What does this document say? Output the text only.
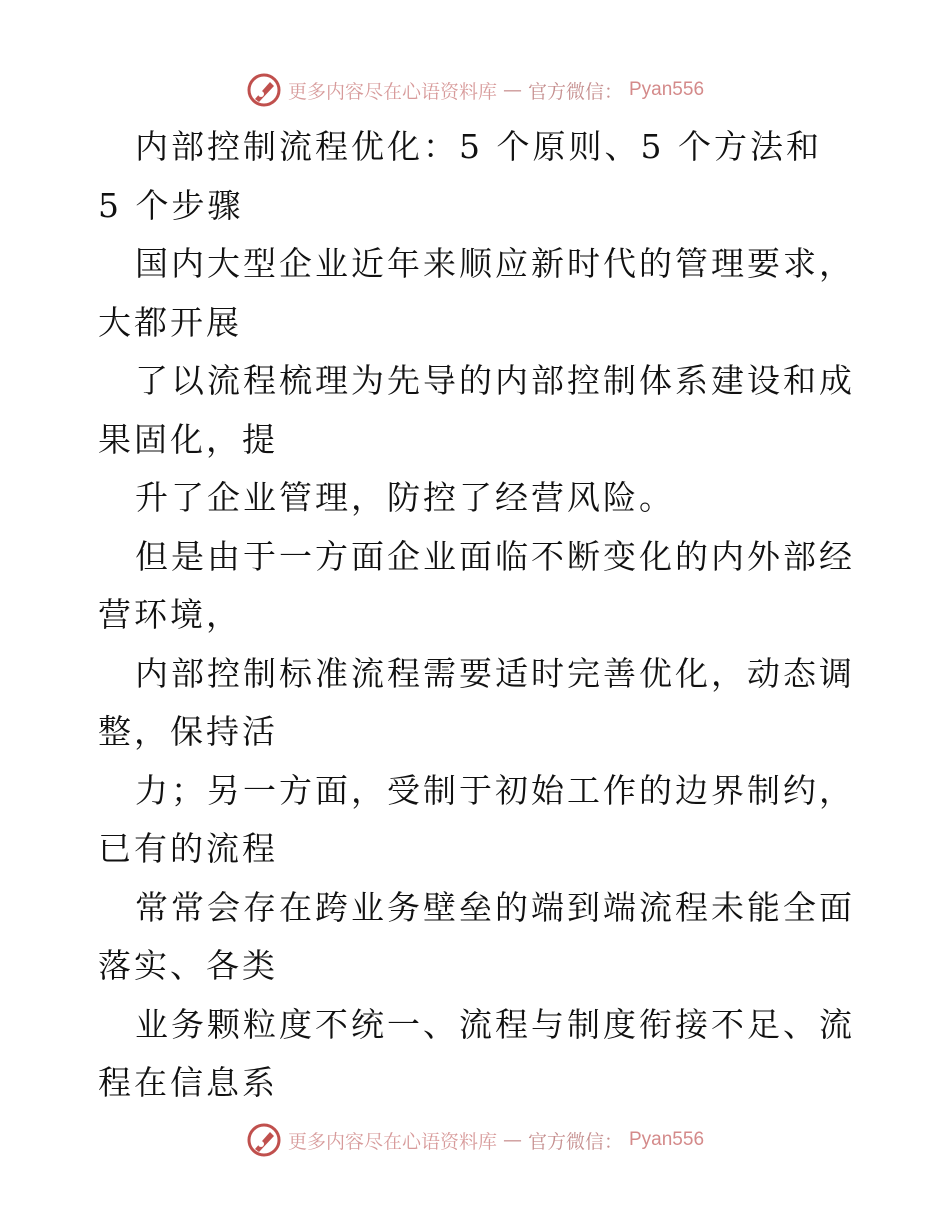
更多内容尽在心语资料库 — 官方微信： Pyan556

内部控制流程优化：5 个原则、5 个方法和 5 个步骤

国内大型企业近年来顺应新时代的管理要求，大都开展

了以流程梳理为先导的内部控制体系建设和成果固化，提

升了企业管理，防控了经营风险。

但是由于一方面企业面临不断变化的内外部经营环境，

内部控制标准流程需要适时完善优化，动态调整，保持活

力；另一方面，受制于初始工作的边界制约，已有的流程

常常会存在跨业务壁垒的端到端流程未能全面落实、各类

业务颗粒度不统一、流程与制度衔接不足、流程在信息系

更多内容尽在心语资料库 — 官方微信： Pyan556
